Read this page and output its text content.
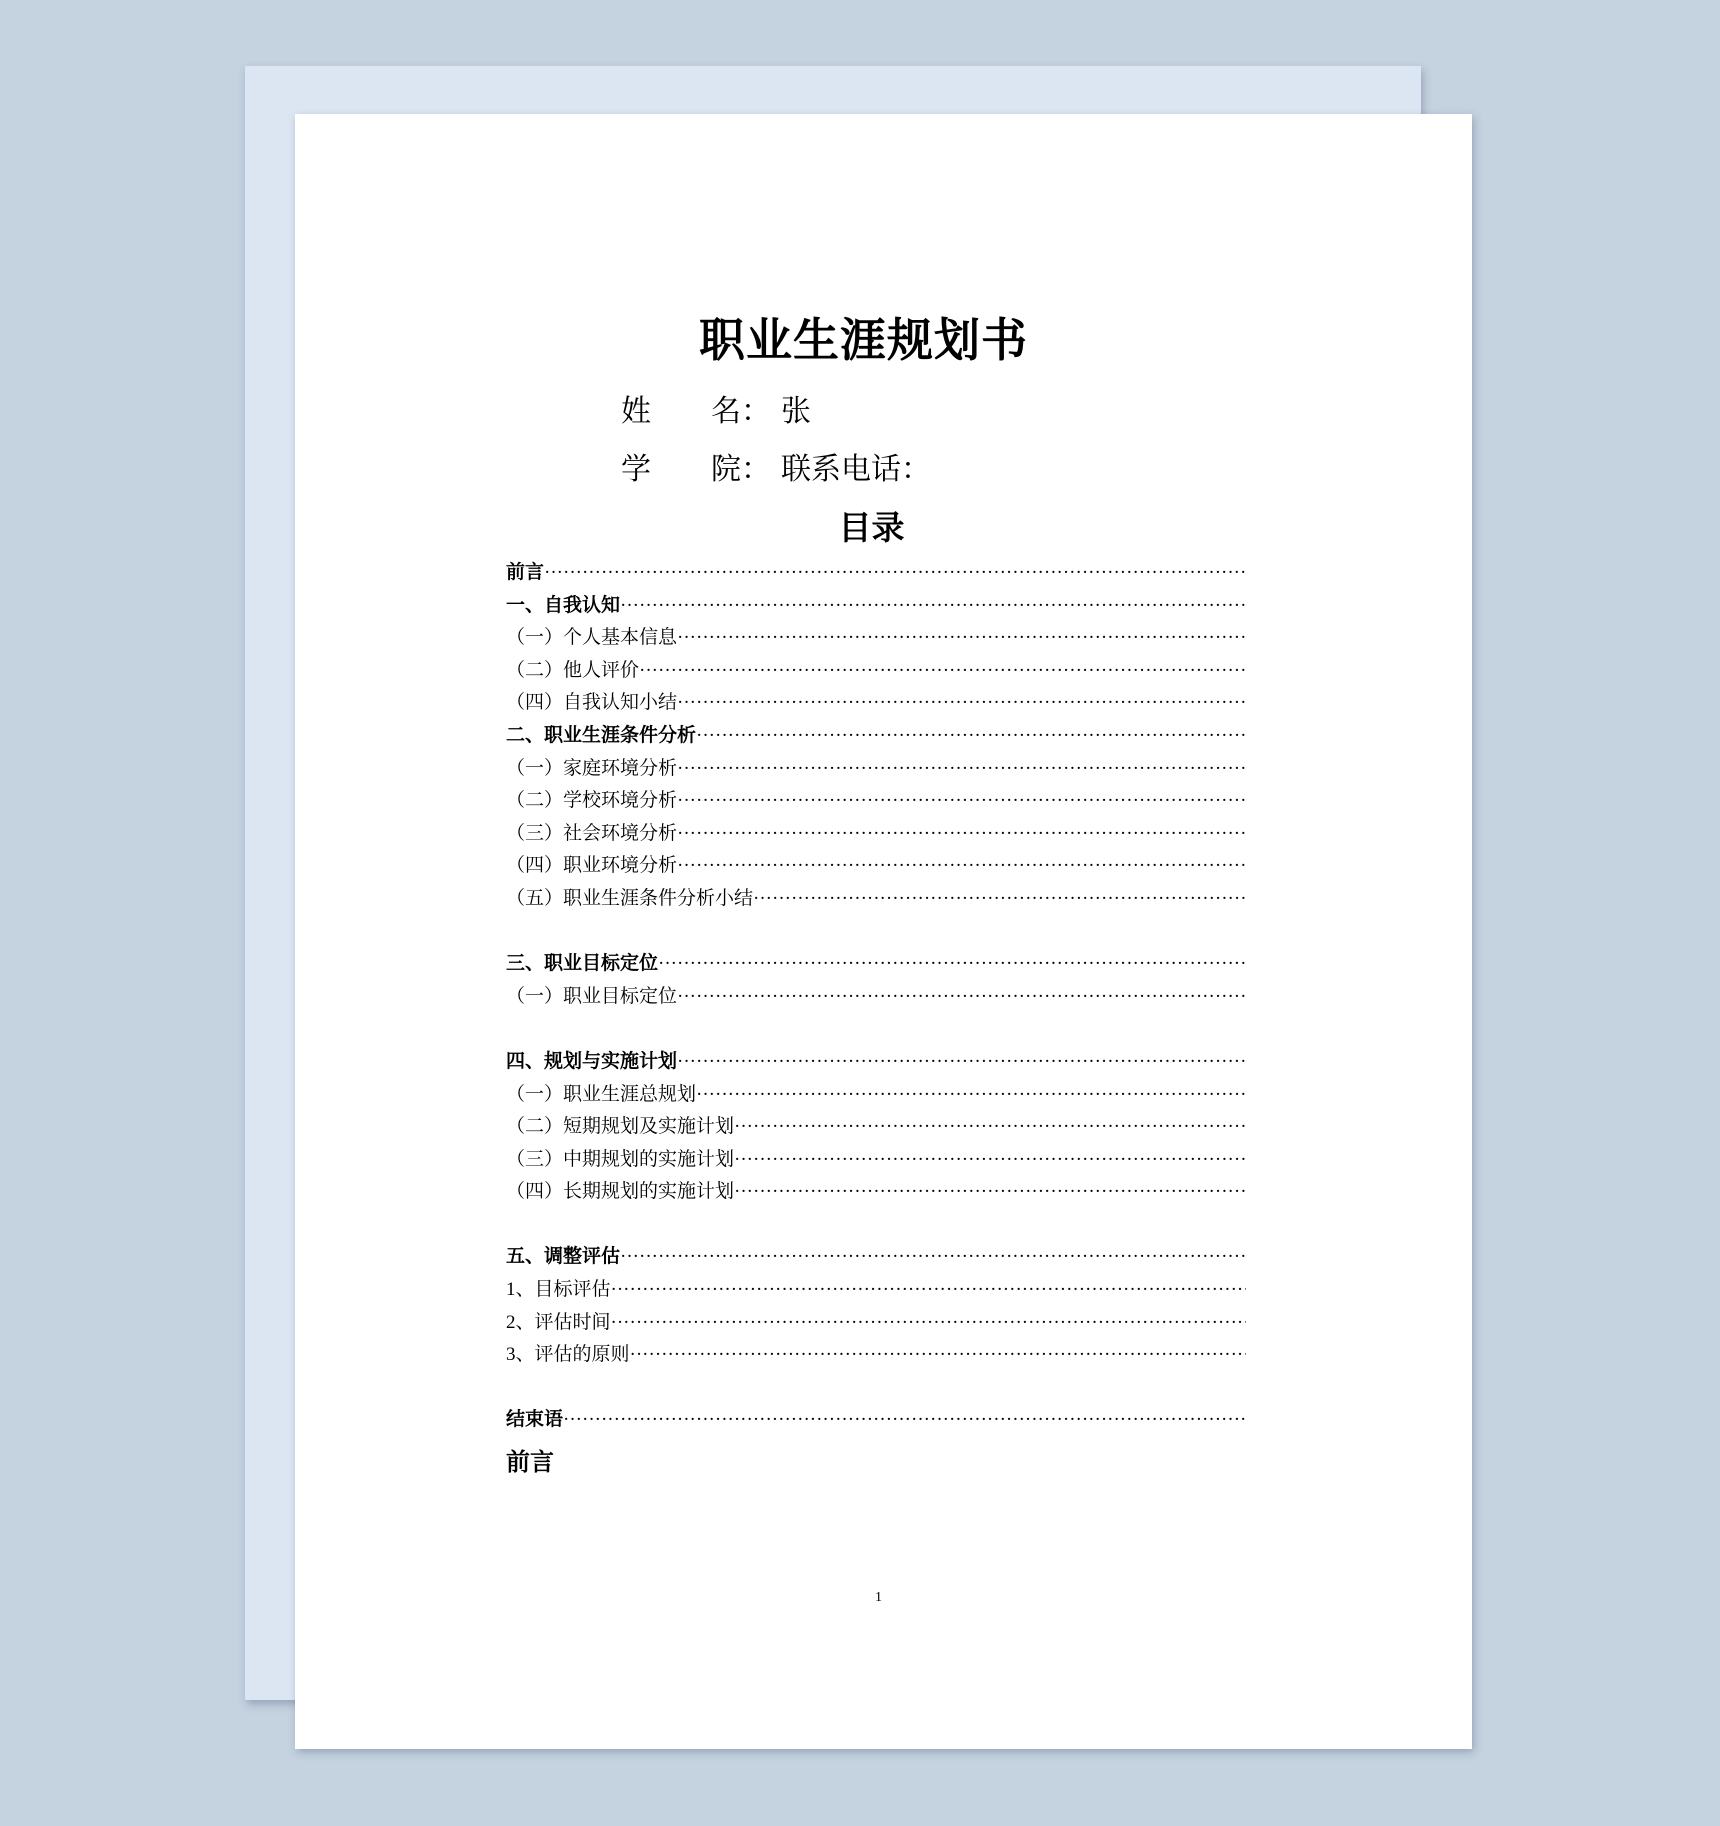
职业生涯规划书
姓　　名： 张
学　　院： 联系电话：
目录
前言
·····
一、自我认知
·····
（一）个人基本信息
·····
（二）他人评价
·····
（四）自我认知小结
·····
二、职业生涯条件分析
·····
（一）家庭环境分析
·····
（二）学校环境分析
·····
（三）社会环境分析
·····
（四）职业环境分析
·····
（五）职业生涯条件分析小结
·····
三、职业目标定位
·····
（一）职业目标定位
·····
四、规划与实施计划
·····
（一）职业生涯总规划
·····
（二）短期规划及实施计划
·····
（三）中期规划的实施计划
·····
（四）长期规划的实施计划
·····
五、调整评估
·····
1、目标评估
·····
2、评估时间
·····
3、评估的原则
·····
结束语
·····
前言
1
